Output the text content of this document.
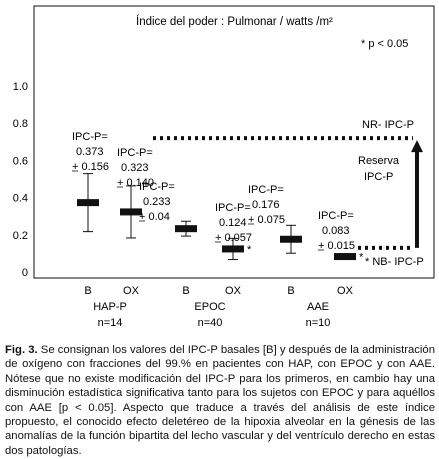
Índice del poder : Pulmonar / watts /m²
* p < 0.05
0
0.2
0.4
0.6
0.8
1.0
NR- IPC-P
* NB- IPC-P
Reserva
IPC-P
IPC-P=
0.373
+ 0.156
IPC-P=
0.323
+ 0.140
IPC-P=
0.233
+ 0.04
IPC-P=
0.124
+ 0.057
*
IPC-P=
0.176
+ 0.075	IPC-P=
0.083
+ 0.015
*
B	OX	B	OX	B	OX
HAP-P
n=14
EPOC
n=40
AAE
n=10
Fig. 3. Se consignan los valores del IPC-P basales [B] y después de la administración de oxígeno con fracciones del 99.% en pacientes con HAP, con EPOC y con AAE. Nótese que no existe modificación del IPC-P para los primeros, en cambio hay una disminución estadística significativa tanto para los sujetos con EPOC y para aquéllos con AAE [p < 0.05]. Aspecto que traduce a través del análisis de este índice propuesto, el conocido efecto deletéreo de la hipoxia alveolar en la génesis de las anomalías de la función bipartita del lecho vascular y del ventrículo derecho en estas dos patologías.
